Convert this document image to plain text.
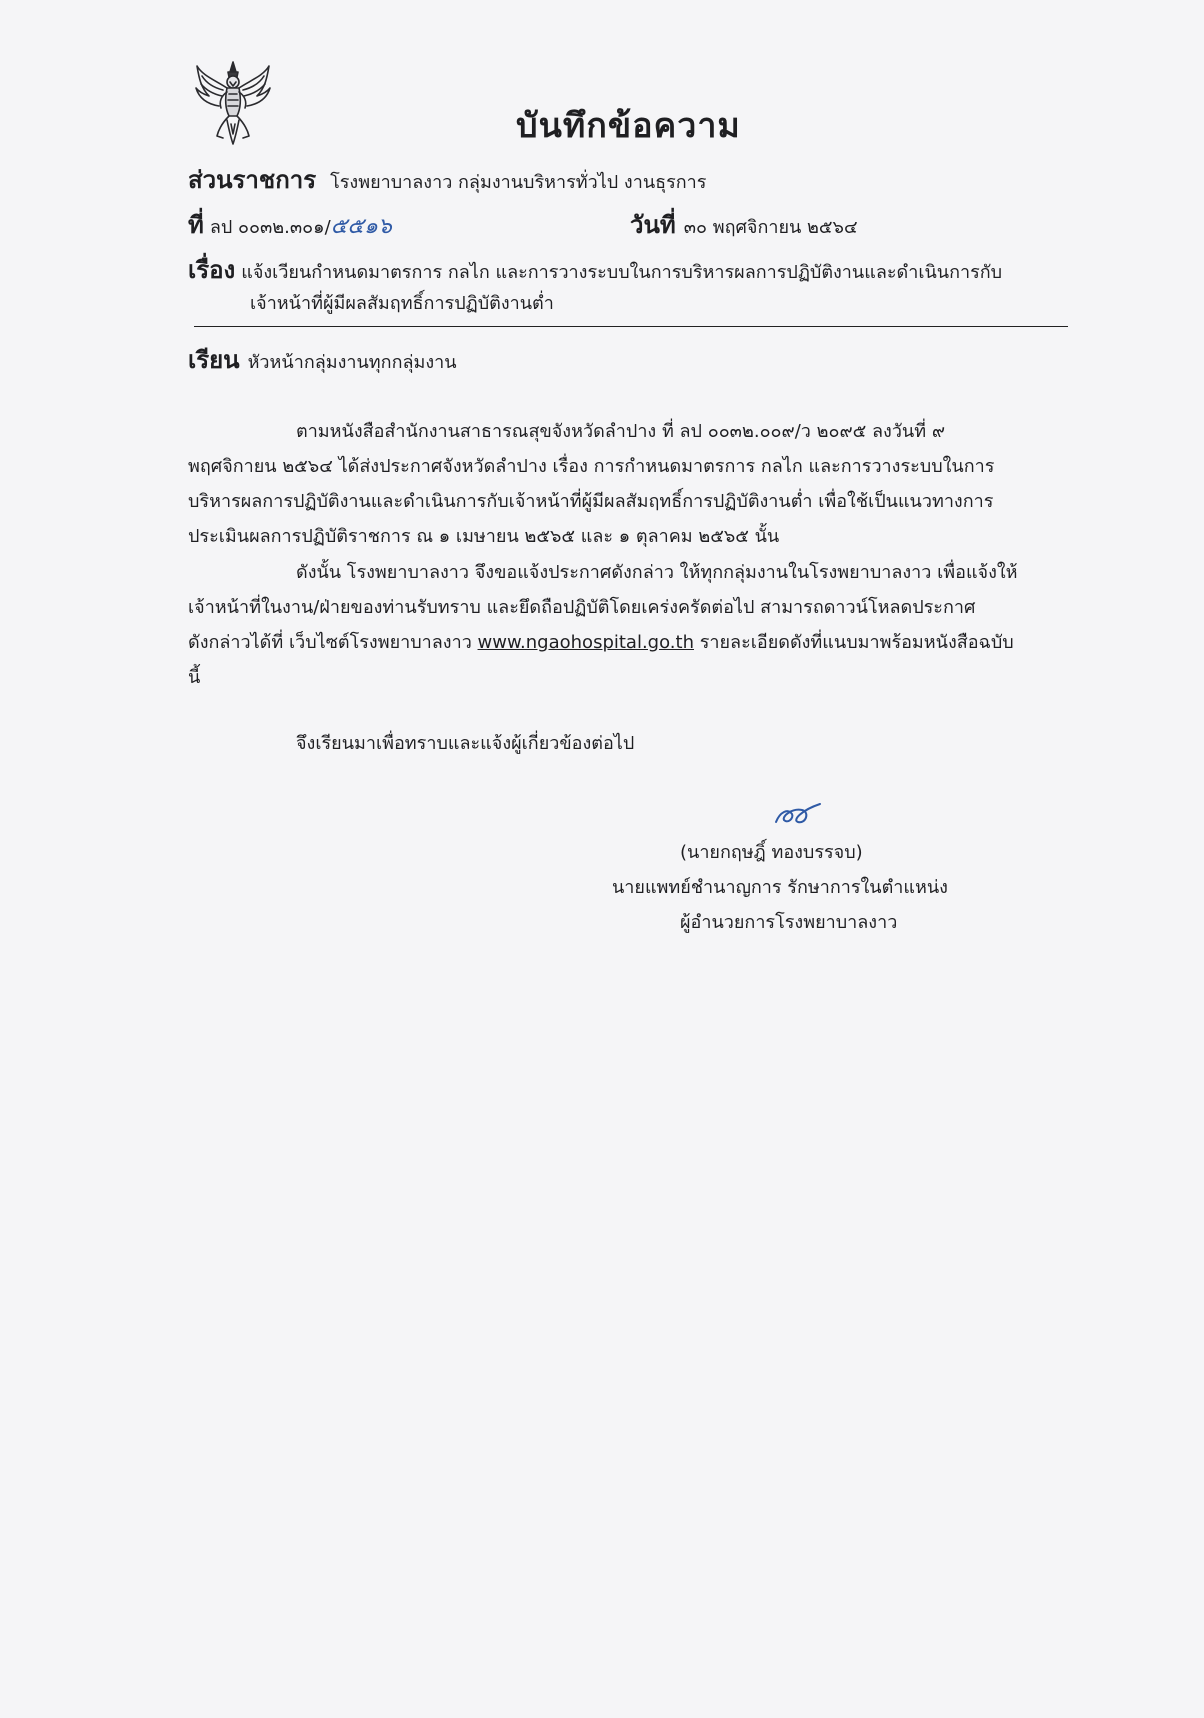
บันทึกข้อความ
ส่วนราชการ โรงพยาบาลงาว กลุ่มงานบริหารทั่วไป งานธุรการ
ที่ ลป ๐๐๓๒.๓๐๑/๕๕๑๖	วันที่ ๓๐ พฤศจิกายน ๒๕๖๔
เรื่อง แจ้งเวียนกำหนดมาตรการ กลไก และการวางระบบในการบริหารผลการปฏิบัติงานและดำเนินการกับ
เจ้าหน้าที่ผู้มีผลสัมฤทธิ์การปฏิบัติงานต่ำ
เรียน หัวหน้ากลุ่มงานทุกกลุ่มงาน
ตามหนังสือสำนักงานสาธารณสุขจังหวัดลำปาง ที่ ลป ๐๐๓๒.๐๐๙/ว ๒๐๙๕ ลงวันที่ ๙
พฤศจิกายน ๒๕๖๔ ได้ส่งประกาศจังหวัดลำปาง เรื่อง การกำหนดมาตรการ กลไก และการวางระบบในการ
บริหารผลการปฏิบัติงานและดำเนินการกับเจ้าหน้าที่ผู้มีผลสัมฤทธิ์การปฏิบัติงานต่ำ เพื่อใช้เป็นแนวทางการ
ประเมินผลการปฏิบัติราชการ ณ ๑ เมษายน ๒๕๖๕ และ ๑ ตุลาคม ๒๕๖๕ นั้น
ดังนั้น โรงพยาบาลงาว จึงขอแจ้งประกาศดังกล่าว ให้ทุกกลุ่มงานในโรงพยาบาลงาว เพื่อแจ้งให้
เจ้าหน้าที่ในงาน/ฝ่ายของท่านรับทราบ และยึดถือปฏิบัติโดยเคร่งครัดต่อไป สามารถดาวน์โหลดประกาศ
ดังกล่าวได้ที่ เว็บไซต์โรงพยาบาลงาว www.ngaohospital.go.th รายละเอียดดังที่แนบมาพร้อมหนังสือฉบับ
นี้
จึงเรียนมาเพื่อทราบและแจ้งผู้เกี่ยวข้องต่อไป
(นายกฤษฎิ์ ทองบรรจบ)
นายแพทย์ชำนาญการ รักษาการในตำแหน่ง
ผู้อำนวยการโรงพยาบาลงาว
